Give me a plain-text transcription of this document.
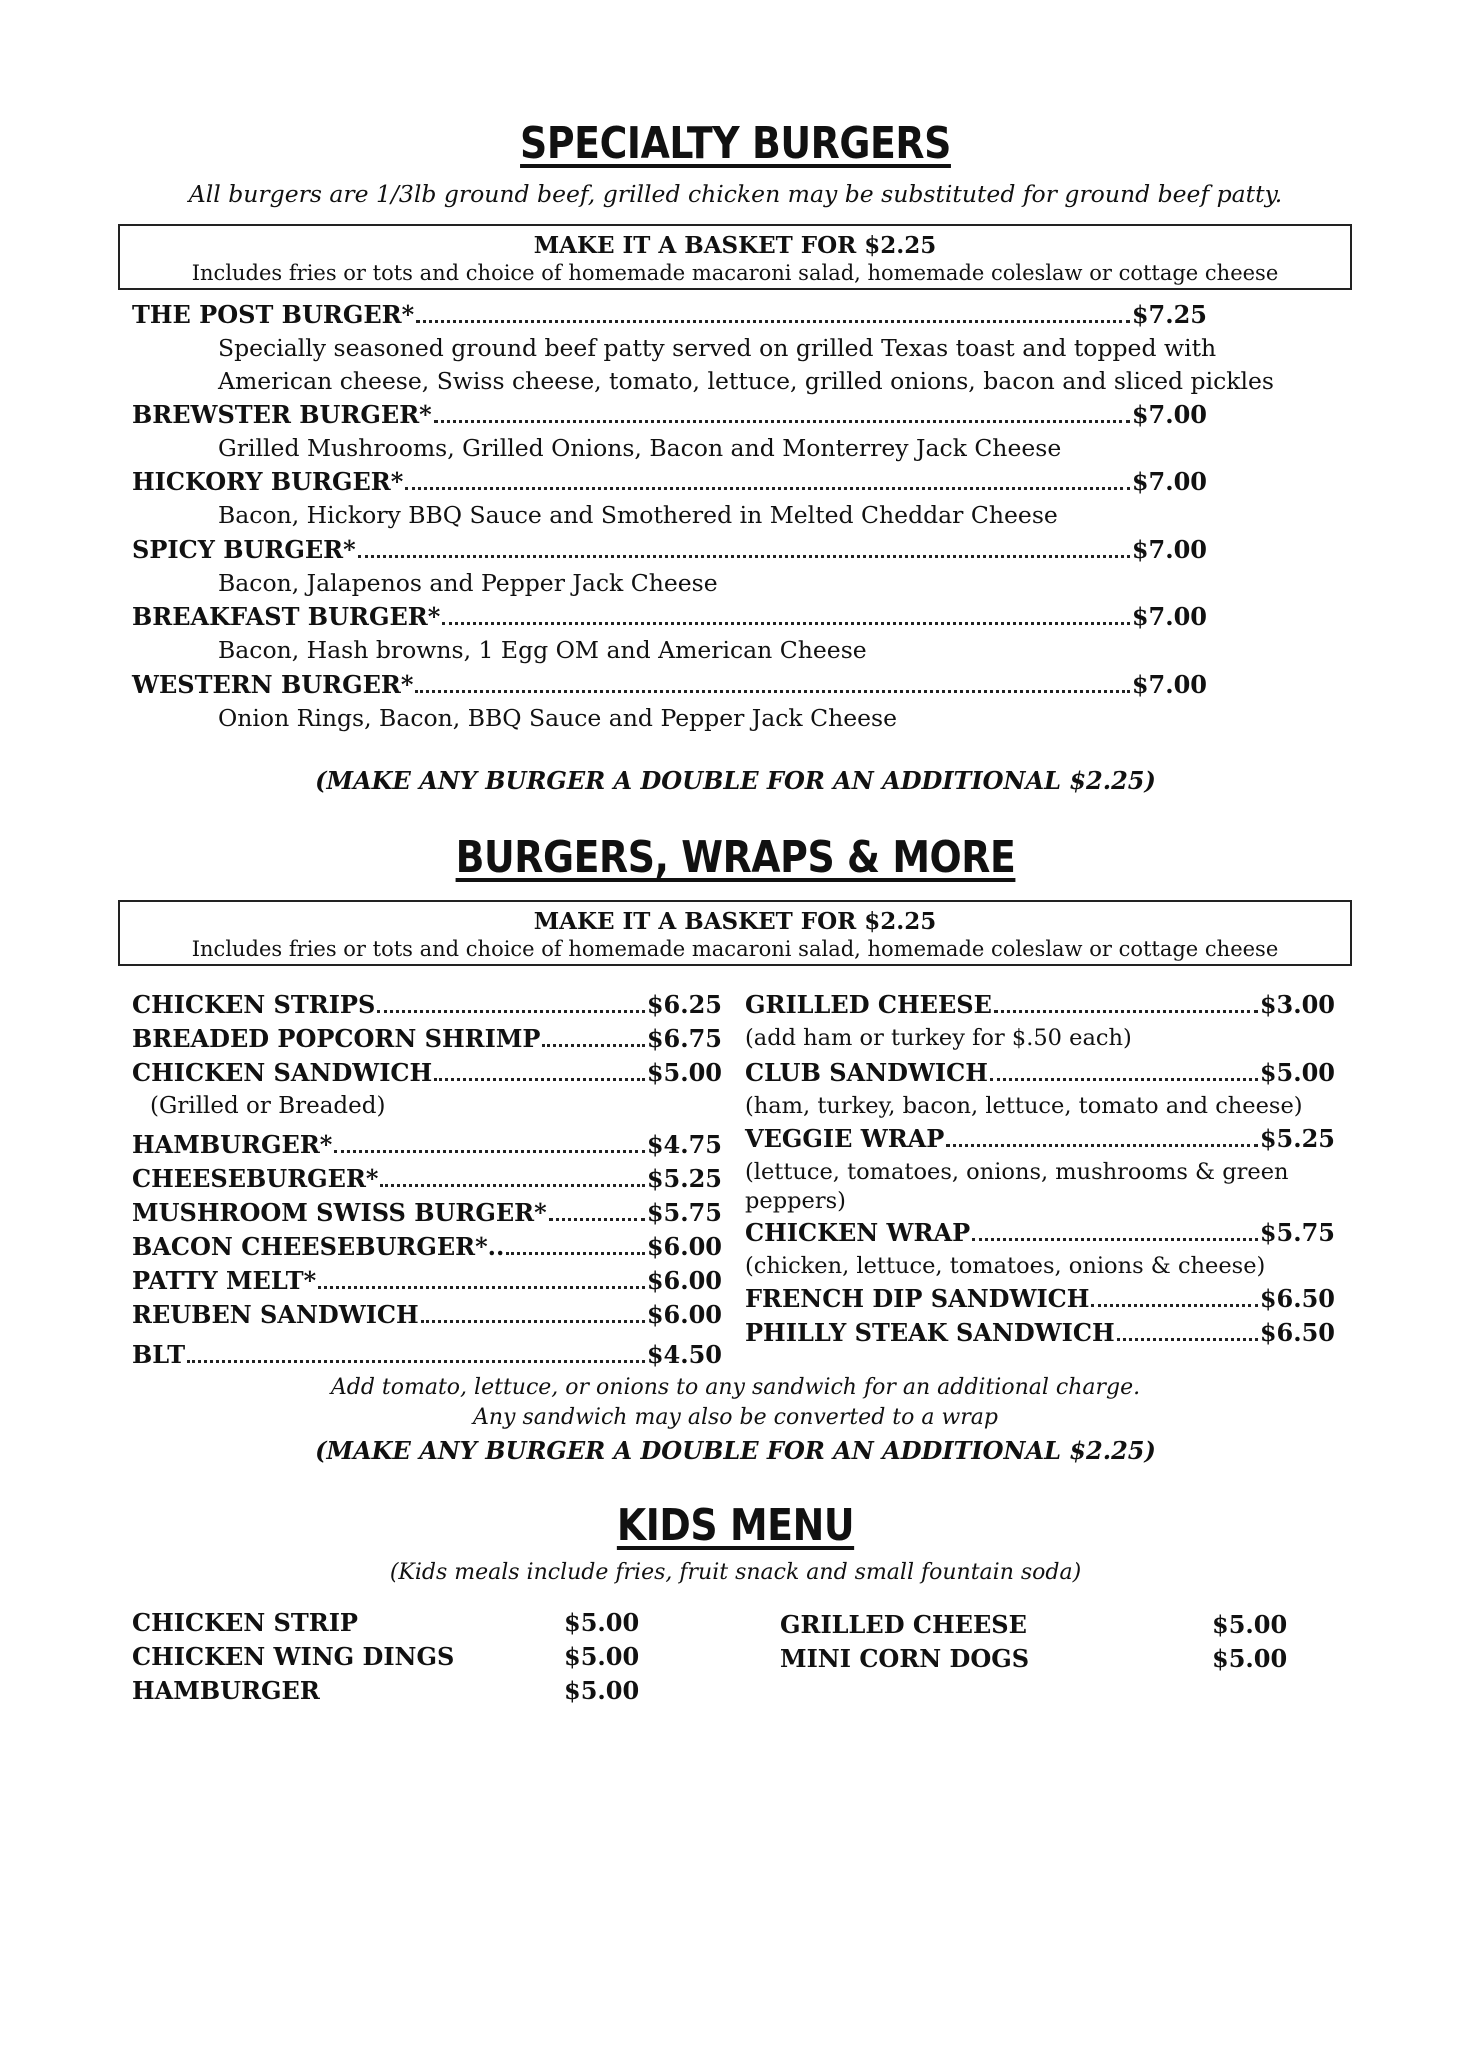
SPECIALTY BURGERS
All burgers are 1/3lb ground beef, grilled chicken may be substituted for ground beef patty.
MAKE IT A BASKET FOR $2.25
Includes fries or tots and choice of homemade macaroni salad, homemade coleslaw or cottage cheese
THE POST BURGER*	$7.25
Specially seasoned ground beef patty served on grilled Texas toast and topped with
American cheese, Swiss cheese, tomato, lettuce, grilled onions, bacon and sliced pickles
BREWSTER BURGER*	$7.00
Grilled Mushrooms, Grilled Onions, Bacon and Monterrey Jack Cheese
HICKORY BURGER*	$7.00
Bacon, Hickory BBQ Sauce and Smothered in Melted Cheddar Cheese
SPICY BURGER*	$7.00
Bacon, Jalapenos and Pepper Jack Cheese
BREAKFAST BURGER*	$7.00
Bacon, Hash browns, 1 Egg OM and American Cheese
WESTERN BURGER*	$7.00
Onion Rings, Bacon, BBQ Sauce and Pepper Jack Cheese
(MAKE ANY BURGER A DOUBLE FOR AN ADDITIONAL $2.25)
BURGERS, WRAPS & MORE
MAKE IT A BASKET FOR $2.25
Includes fries or tots and choice of homemade macaroni salad, homemade coleslaw or cottage cheese
CHICKEN STRIPS	$6.25
BREADED POPCORN SHRIMP	$6.75
CHICKEN SANDWICH	$5.00
(Grilled or Breaded)
HAMBURGER*	$4.75
CHEESEBURGER*	$5.25
MUSHROOM SWISS BURGER*	$5.75
BACON CHEESEBURGER*..	$6.00
PATTY MELT*	$6.00
REUBEN SANDWICH	$6.00
BLT	$4.50
GRILLED CHEESE	$3.00
(add ham or turkey for $.50 each)
CLUB SANDWICH	$5.00
(ham, turkey, bacon, lettuce, tomato and cheese)
VEGGIE WRAP	$5.25
(lettuce, tomatoes, onions, mushrooms & green
peppers)
CHICKEN WRAP	$5.75
(chicken, lettuce, tomatoes, onions & cheese)
FRENCH DIP SANDWICH	$6.50
PHILLY STEAK SANDWICH	$6.50
Add tomato, lettuce, or onions to any sandwich for an additional charge.
Any sandwich may also be converted to a wrap
(MAKE ANY BURGER A DOUBLE FOR AN ADDITIONAL $2.25)
KIDS MENU
(Kids meals include fries, fruit snack and small fountain soda)
CHICKEN STRIP	$5.00
CHICKEN WING DINGS	$5.00
HAMBURGER	$5.00
GRILLED CHEESE	$5.00
MINI CORN DOGS	$5.00
